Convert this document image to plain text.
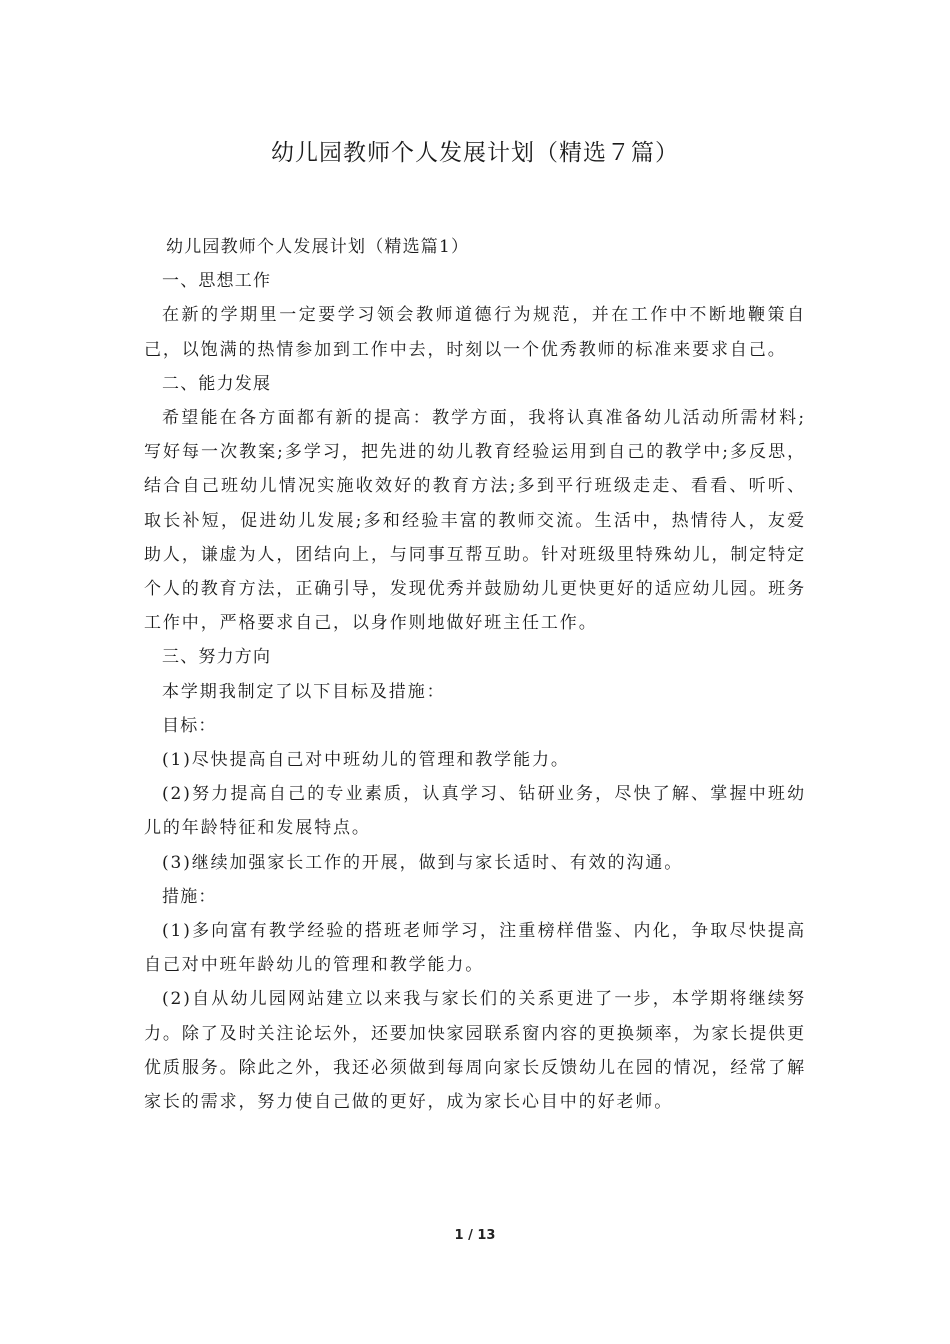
幼儿园教师个人发展计划（精选７篇）

幼儿园教师个人发展计划（精选篇1）

一、思想工作

在新的学期里一定要学习领会教师道德行为规范，并在工作中不断地鞭策自己，以饱满的热情参加到工作中去，时刻以一个优秀教师的标准来要求自己。

二、能力发展

希望能在各方面都有新的提高：教学方面，我将认真准备幼儿活动所需材料;写好每一次教案;多学习，把先进的幼儿教育经验运用到自己的教学中;多反思，结合自己班幼儿情况实施收效好的教育方法;多到平行班级走走、看看、听听、取长补短，促进幼儿发展;多和经验丰富的教师交流。生活中，热情待人，友爱助人，谦虚为人，团结向上，与同事互帮互助。针对班级里特殊幼儿，制定特定个人的教育方法，正确引导，发现优秀并鼓励幼儿更快更好的适应幼儿园。班务工作中，严格要求自己，以身作则地做好班主任工作。

三、努力方向

本学期我制定了以下目标及措施：

目标：

(1)尽快提高自己对中班幼儿的管理和教学能力。

(2)努力提高自己的专业素质，认真学习、钻研业务，尽快了解、掌握中班幼儿的年龄特征和发展特点。

(3)继续加强家长工作的开展，做到与家长适时、有效的沟通。

措施：

(1)多向富有教学经验的搭班老师学习，注重榜样借鉴、内化，争取尽快提高自己对中班年龄幼儿的管理和教学能力。

(2)自从幼儿园网站建立以来我与家长们的关系更进了一步，本学期将继续努力。除了及时关注论坛外，还要加快家园联系窗内容的更换频率，为家长提供更优质服务。除此之外，我还必须做到每周向家长反馈幼儿在园的情况，经常了解家长的需求，努力使自己做的更好，成为家长心目中的好老师。

1 / 13
